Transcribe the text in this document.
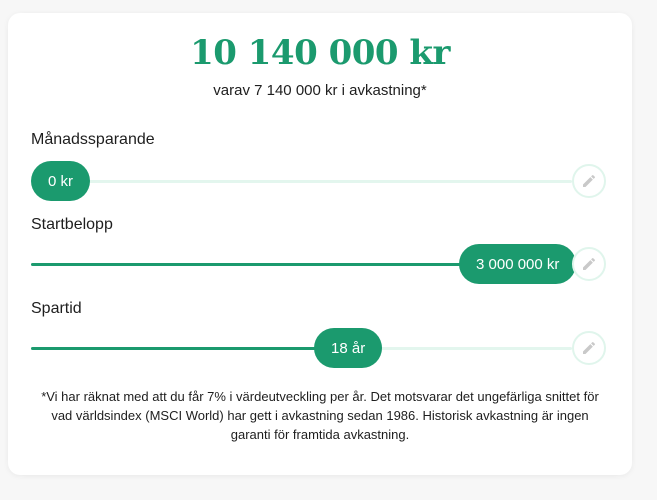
10 140 000 kr
varav 7 140 000 kr i avkastning*
Månadssparande
0 kr
Startbelopp
3 000 000 kr
Spartid
18 år
*Vi har räknat med att du får 7% i värdeutveckling per år. Det motsvarar det ungefärliga snittet för vad världsindex (MSCI World) har gett i avkastning sedan 1986. Historisk avkastning är ingen garanti för framtida avkastning.
